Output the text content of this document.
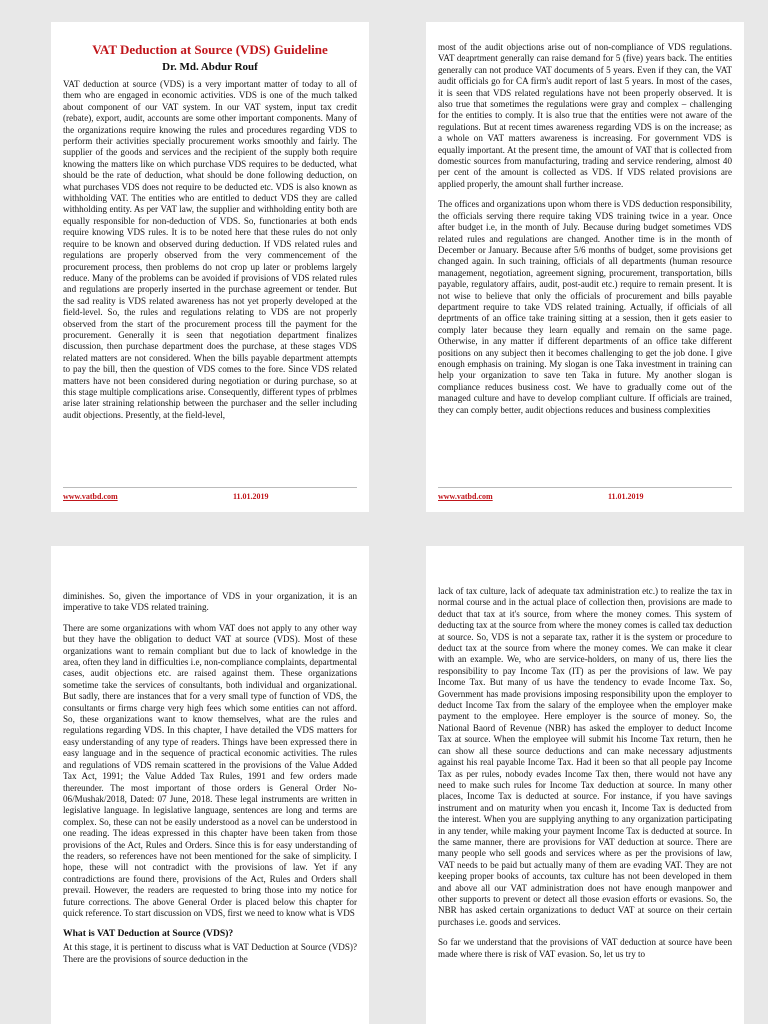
VAT Deduction at Source (VDS) Guideline
Dr. Md. Abdur Rouf

VAT deduction at source (VDS) is a very important matter of today to all of them who are engaged in economic activities. VDS is one of the much talked about component of our VAT system. In our VAT system, input tax credit (rebate), export, audit, accounts are some other important components. Many of the organizations require knowing the rules and procedures regarding VDS to perform their activities specially procurement works smoothly and fairly. The supplier of the goods and services and the recipient of the supply both require knowing the matters like on which purchase VDS requires to be deducted, what should be the rate of deduction, what should be done following deduction, on what purchases VDS does not require to be deducted etc. VDS is also known as withholding VAT. The entities who are entitled to deduct VDS they are called withholding entity. As per VAT law, the supplier and withholding entity both are equally responsible for non-deduction of VDS. So, functionaries at both ends require knowing VDS rules. It is to be noted here that these rules do not only require to be known and observed during deduction. If VDS related rules and regulations are properly observed from the very commencement of the procurement process, then problems do not crop up later or problems largely reduce. Many of the problems can be avoided if provisions of VDS related rules and regulations are properly inserted in the purchase agreement or tender. But the sad reality is VDS related awareness has not yet properly developed at the field-level. So, the rules and regulations relating to VDS are not properly observed from the start of the procurement process till the payment for the procurement. Generally it is seen that negotiation department finalizes discussion, then purchase department does the purchase, at these stages VDS related matters are not considered. When the bills payable department attempts to pay the bill, then the question of VDS comes to the fore. Since VDS related matters have not been considered during negotiation or during purchase, so at this stage multiple complications arise. Consequently, different types of prblmes arise later straining relationship between the purchaser and the seller including audit objections. Presently, at the field-level,

www.vatbd.com	11.01.2019

most of the audit objections arise out of non-compliance of VDS regulations. VAT deaprtment generally can raise demand for 5 (five) years back. The entities generally can not produce VAT documents of 5 years. Even if they can, the VAT audit officials go for CA firm's audit report of last 5 years. In most of the cases, it is seen that VDS related regulations have not been properly observed. It is also true that sometimes the regulations were gray and complex – challenging for the entities to comply. It is also true that the entities were not aware of the regulations. But at recent times awareness regarding VDS is on the increase; as a whole on VAT matters awareness is increasing. For government VDS is equally important. At the present time, the amount of VAT that is collected from domestic sources from manufacturing, trading and service rendering, almost 40 per cent of the amount is collected as VDS. If VDS related provisions are applied properly, the amount shall further increase.

The offices and organizations upon whom there is VDS deduction responsibility, the officials serving there require taking VDS training twice in a year. Once after budget i.e, in the month of July. Because during budget sometimes VDS related rules and regulations are changed. Another time is in the month of December or January. Because after 5/6 months of budget, some provisions get changed again. In such training, officials of all departments (human resource management, negotiation, agreement signing, procurement, transportation, bills payable, regulatory affairs, audit, post-audit etc.) require to remain present. It is not wise to believe that only the officials of procurement and bills payable department require to take VDS related training. Actually, if officials of all deprtments of an office take training sitting at a session, then it gets easier to comply later because they learn equally and remain on the same page. Otherwise, in any matter if different departments of an office take different positions on any subject then it becomes challenging to get the job done. I give enough emphasis on training. My slogan is one Taka investment in training can help your organization to save ten Taka in future. My another slogan is compliance reduces business cost. We have to gradually come out of the managed culture and have to develop compliant culture. If officials are trained, they can comply better, audit objections reduces and business complexities

www.vatbd.com	11.01.2019

diminishes. So, given the importance of VDS in your organization, it is an imperative to take VDS related training.

There are some organizations with whom VAT does not apply to any other way but they have the obligation to deduct VAT at source (VDS). Most of these organizations want to remain compliant but due to lack of knowledge in the area, often they land in difficulties i.e, non-compliance complaints, departmental cases, audit objections etc. are raised against them. These organizations sometime take the services of consultants, both individual and organizational. But sadly, there are instances that for a very small type of function of VDS, the consultants or firms charge very high fees which some entities can not afford. So, these organizations want to know themselves, what are the rules and regulations regarding VDS. In this chapter, I have detailed the VDS matters for easy understanding of any type of readers. Things have been expressed there in easy language and in the sequence of practical economic activities. The rules and regulations of VDS remain scattered in the provisions of the Value Added Tax Act, 1991; the Value Added Tax Rules, 1991 and few orders made thereunder. The most important of those orders is General Order No-06/Mushak/2018, Dated: 07 June, 2018. These legal instruments are written in legislative language. In legislative language, sentences are long and terms are complex. So, these can not be easily understood as a novel can be understood in one reading. The ideas expressed in this chapter have been taken from those provisions of the Act, Rules and Orders. Since this is for easy understanding of the readers, so references have not been mentioned for the sake of simplicity. I hope, these will not contradict with the provisions of law. Yet if any contradictions are found there, provisions of the Act, Rules and Orders shall prevail. However, the readers are requested to bring those into my notice for future corrections. The above General Order is placed below this chapter for quick reference. To start discussion on VDS, first we need to know what is VDS

What is VAT Deduction at Source (VDS)?

At this stage, it is pertinent to discuss what is VAT Deduction at Source (VDS)? There are the provisions of source deduction in the

lack of tax culture, lack of adequate tax administration etc.) to realize the tax in normal course and in the actual place of collection then, provisions are made to deduct that tax at it's source, from where the money comes. This system of deducting tax at the source from where the money comes is called tax deduction at source. So, VDS is not a separate tax, rather it is the system or procedure to deduct tax at the source from where the money comes. We can make it clear with an example. We, who are service-holders, on many of us, there lies the responsibility to pay Income Tax (IT) as per the provisions of law. We pay Income Tax. But many of us have the tendency to evade Income Tax. So, Government has made provisions imposing responsibility upon the employer to deduct Income Tax from the salary of the employee when the employer make payment to the employee. Here employer is the source of money. So, the National Baord of Revenue (NBR) has asked the employer to deduct Income Tax at source. When the employee will submit his Income Tax return, then he can show all these source deductions and can make necessary adjustments against his real payable Income Tax. Had it been so that all people pay Income Tax as per rules, nobody evades Income Tax then, there would not have any need to make such rules for Income Tax deduction at source. In many other places, Income Tax is deducted at source. For instance, if you have savings instrument and on maturity when you encash it, Income Tax is deducted from the interest. When you are supplying anything to any organization participating in any tender, while making your payment Income Tax is deducted at source. In the same manner, there are provisions for VAT deduction at source. There are many people who sell goods and services where as per the provisions of law, VAT needs to be paid but actually many of them are evading VAT. They are not keeping proper books of accounts, tax culture has not been developed in them and above all our VAT administration does not have enough manpower and other supports to prevent or detect all those evasion efforts or evasions. So, the NBR has asked certain organizations to deduct VAT at source on their certain purchases i.e. goods and services.

So far we understand that the provisions of VAT deduction at source have been made where there is risk of VAT evasion. So, let us try to
